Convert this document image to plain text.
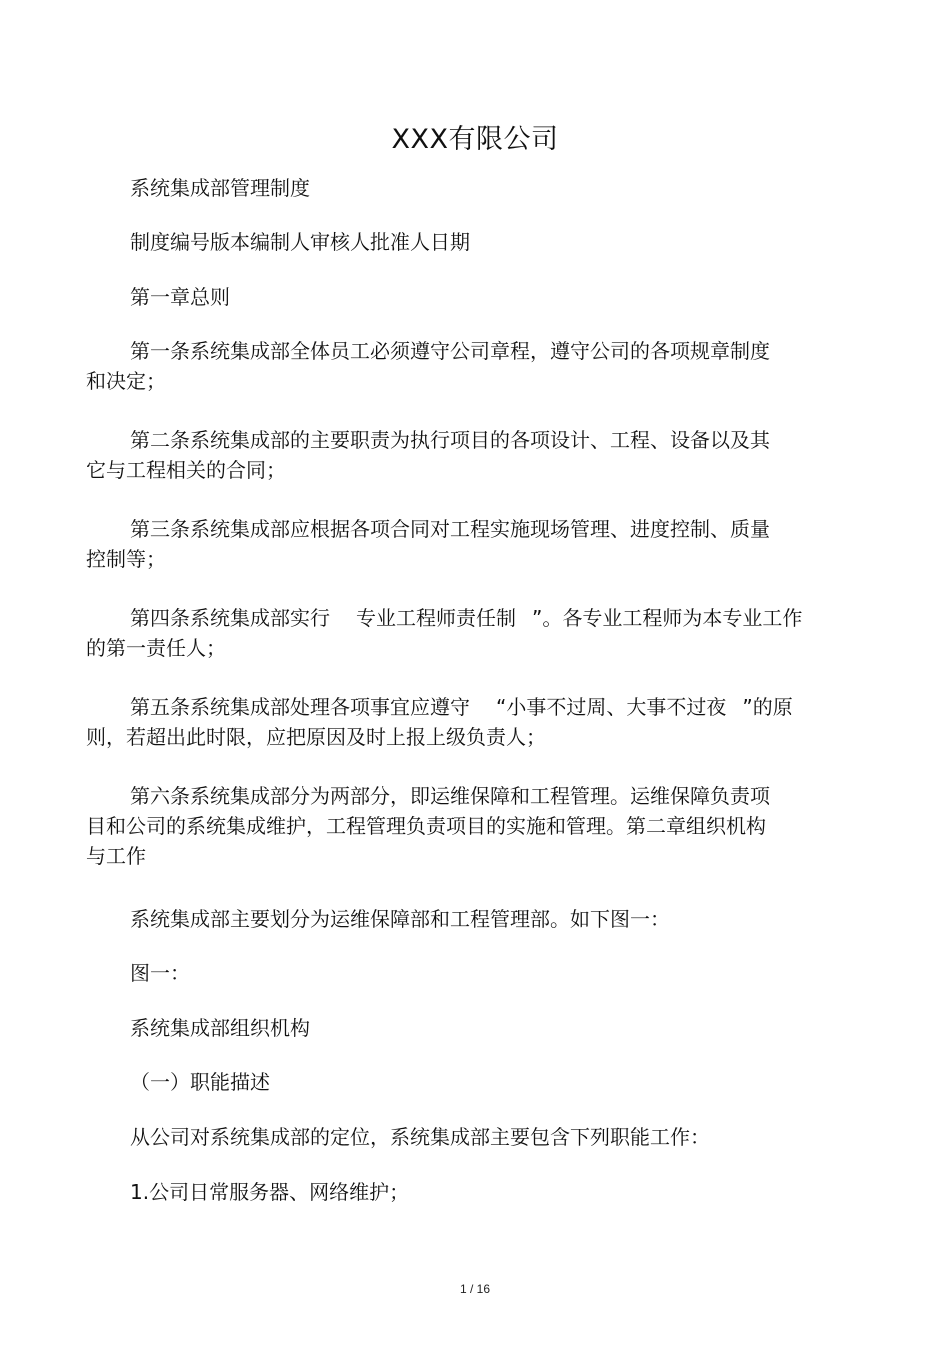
XXX有限公司

系统集成部管理制度

制度编号版本编制人审核人批准人日期

第一章总则

第一条系统集成部全体员工必须遵守公司章程，遵守公司的各项规章制度
和决定；

第二条系统集成部的主要职责为执行项目的各项设计、工程、设备以及其
它与工程相关的合同；

第三条系统集成部应根据各项合同对工程实施现场管理、进度控制、质量
控制等；

第四条系统集成部实行 专业工程师责任制 ”。各专业工程师为本专业工作
的第一责任人；

第五条系统集成部处理各项事宜应遵守 “小事不过周、大事不过夜 ”的原
则，若超出此时限，应把原因及时上报上级负责人；

第六条系统集成部分为两部分，即运维保障和工程管理。运维保障负责项
目和公司的系统集成维护，工程管理负责项目的实施和管理。第二章组织机构
与工作

系统集成部主要划分为运维保障部和工程管理部。如下图一：

图一：

系统集成部组织机构

（一）职能描述

从公司对系统集成部的定位，系统集成部主要包含下列职能工作：

1.公司日常服务器、网络维护；

1 / 16
